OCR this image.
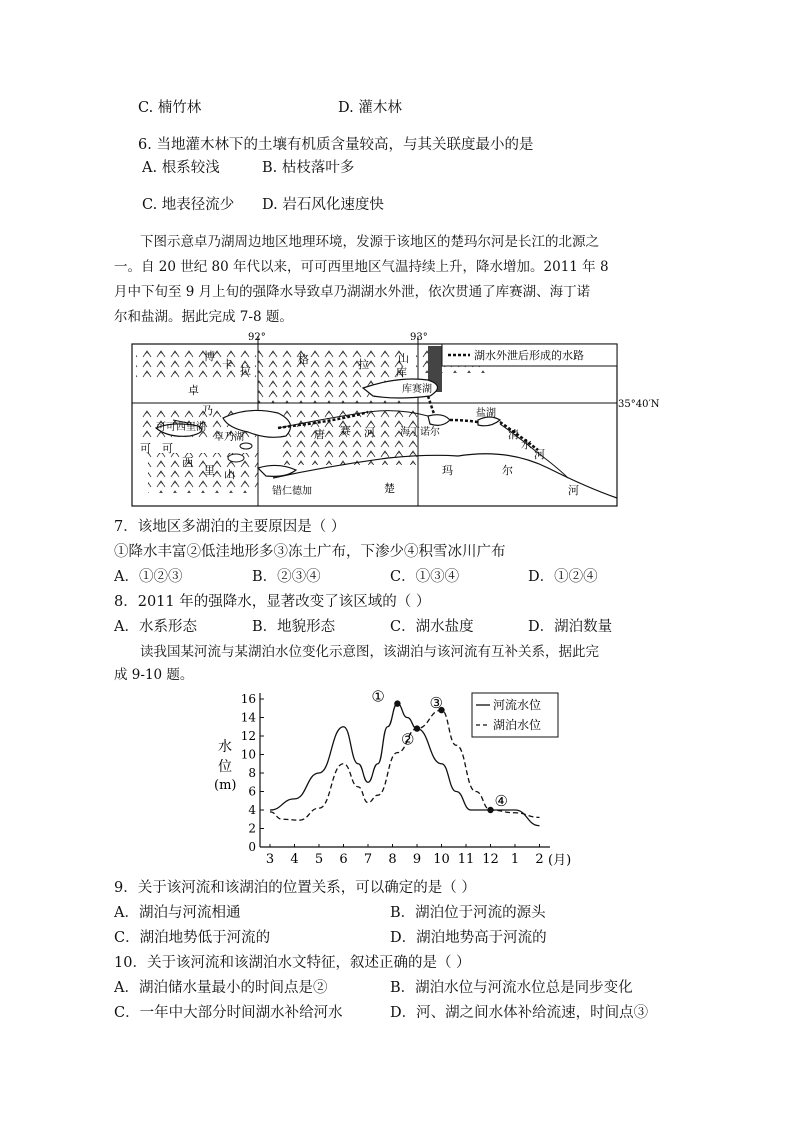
C. 楠竹林	D. 灌木林
6. 当地灌木林下的土壤有机质含量较高，与其关联度最小的是
A. 根系较浅	B. 枯枝落叶多
C. 地表径流少 D. 岩石风化速度快
下图示意卓乃湖周边地区地理环境，发源于该地区的楚玛尔河是长江的北源之
一。自 20 世纪 80 年代以来，可可西里地区气温持续上升，降水增加。2011 年 8
月中下旬至 9 月上旬的强降水导致卓乃湖湖水外泄，依次贯通了库赛湖、海丁诺
尔和盐湖。据此完成 7-8 题。
92°	93°
35°40′N
湖水外泄后形成的水路
博
卡 拉
卓
乃
格	拉	山
库
可可西里湖
卓乃湖
可 可
西
里 山
唐 赛 河
库赛湖
海丁诺尔
盐湖
清
水
河
错仁德加	楚
玛	尔
河
7．该地区多湖泊的主要原因是（ ）
①降水丰富②低洼地形多③冻土广布，下渗少④积雪冰川广布
A．①②③	B．②③④	C．①③④	D．①②④
8．2011 年的强降水，显著改变了该区域的（ ）
A．水系形态	B．地貌形态	C．湖水盐度	D．湖泊数量
读我国某河流与某湖泊水位变化示意图，该湖泊与该河流有互补关系，据此完
成 9-10 题。
①
②
③
④
0
2
4
6
8
10
12
14
16
3 4 5 6 7 8 9 10 11 12 1 2
水
位
(m)
(月)
河流水位
湖泊水位
9．关于该河流和该湖泊的位置关系，可以确定的是（ ）
A．湖泊与河流相通	B．湖泊位于河流的源头
C．湖泊地势低于河流的	D．湖泊地势高于河流的
10．关于该河流和该湖泊水文特征，叙述正确的是（ ）
A．湖泊储水量最小的时间点是②	B．湖泊水位与河流水位总是同步变化
C．一年中大部分时间湖水补给河水	D．河、湖之间水体补给流速，时间点③
